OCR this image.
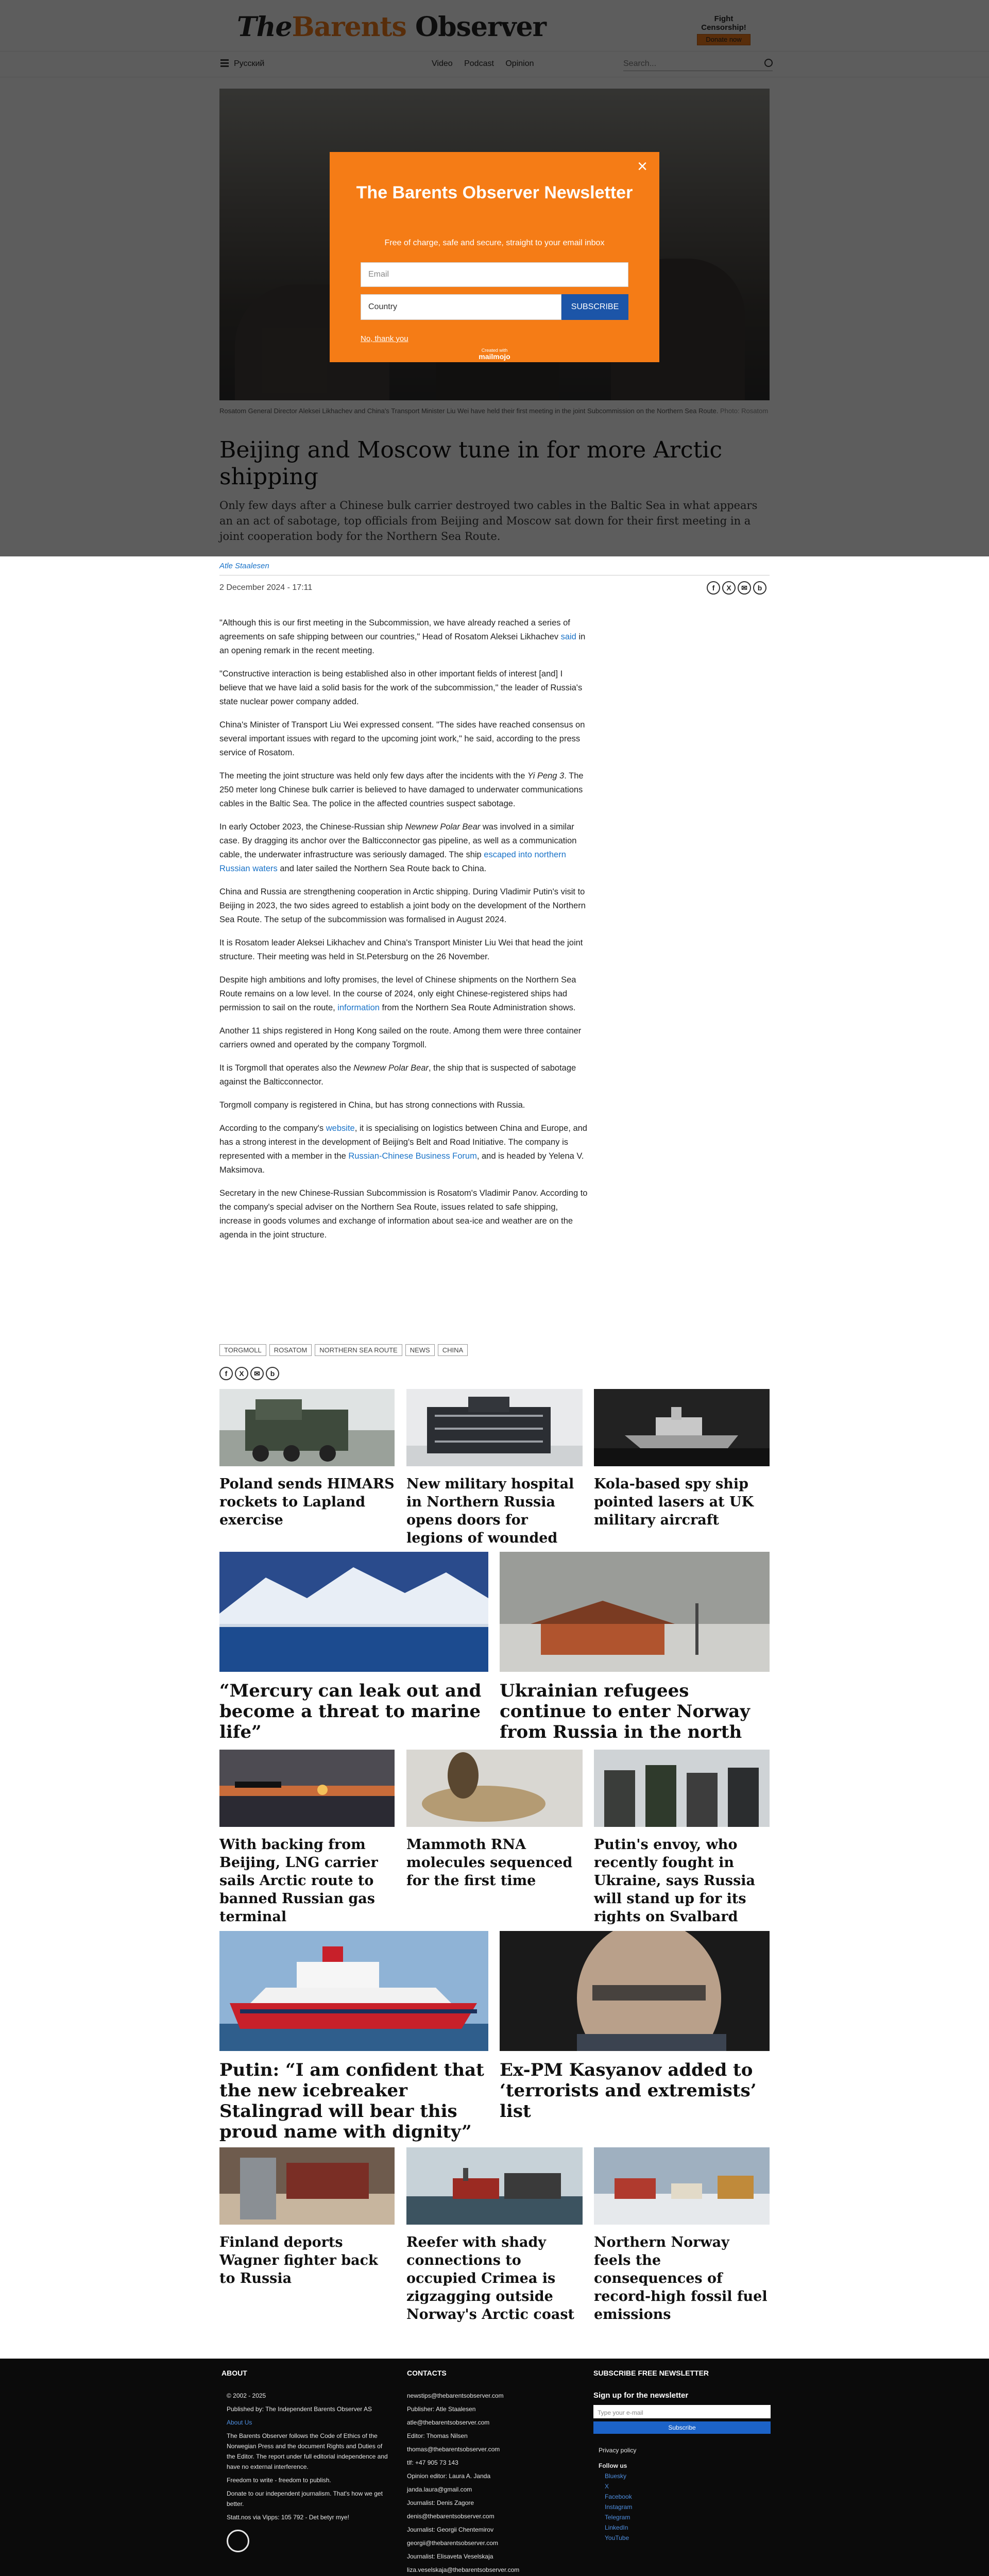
×
The Barents Observer Newsletter
Free of charge, safe and secure, straight to your email inbox
Email
Country	SUBSCRIBE
No, thank you
Created with
mailmojo
Atle Staalesen
2 December 2024 - 17:11	f X ✉ b

"Although this is our first meeting in the Subcommission, we have already reached a series of agreements on safe shipping between our countries," Head of Rosatom Aleksei Likhachev said in an opening remark in the recent meeting.

"Constructive interaction is being established also in other important fields of interest [and] I believe that we have laid a solid basis for the work of the subcommission," the leader of Russia's state nuclear power company added.

China's Minister of Transport Liu Wei expressed consent. "The sides have reached consensus on several important issues with regard to the upcoming joint work," he said, according to the press service of Rosatom.

The meeting the joint structure was held only few days after the incidents with the Yi Peng 3. The 250 meter long Chinese bulk carrier is believed to have damaged to underwater communications cables in the Baltic Sea. The police in the affected countries suspect sabotage.

In early October 2023, the Chinese-Russian ship Newnew Polar Bear was involved in a similar case. By dragging its anchor over the Balticconnector gas pipeline, as well as a communication cable, the underwater infrastructure was seriously damaged. The ship escaped into northern Russian waters and later sailed the Northern Sea Route back to China.

China and Russia are strengthening cooperation in Arctic shipping. During Vladimir Putin's visit to Beijing in 2023, the two sides agreed to establish a joint body on the development of the Northern Sea Route. The setup of the subcommission was formalised in August 2024.

It is Rosatom leader Aleksei Likhachev and China's Transport Minister Liu Wei that head the joint structure. Their meeting was held in St.Petersburg on the 26 November.

Despite high ambitions and lofty promises, the level of Chinese shipments on the Northern Sea Route remains on a low level. In the course of 2024, only eight Chinese-registered ships had permission to sail on the route, information from the Northern Sea Route Administration shows.

Another 11 ships registered in Hong Kong sailed on the route. Among them were three container carriers owned and operated by the company Torgmoll.

It is Torgmoll that operates also the Newnew Polar Bear, the ship that is suspected of sabotage against the Balticconnector.

Torgmoll company is registered in China, but has strong connections with Russia.

According to the company's website, it is specialising on logistics between China and Europe, and has a strong interest in the development of Beijing's Belt and Road Initiative. The company is represented with a member in the Russian-Chinese Business Forum, and is headed by Yelena V. Maksimova.

Secretary in the new Chinese-Russian Subcommission is Rosatom's Vladimir Panov. According to the company's special adviser on the Northern Sea Route, issues related to safe shipping, increase in goods volumes and exchange of information about sea-ice and weather are on the agenda in the joint structure.

TORGMOLL ROSATOM NORTHERN SEA ROUTE NEWS CHINA
f X ✉ b
Poland sends HIMARS rockets to Lapland exercise
New military hospital in Northern Russia opens doors for legions of wounded
Kola-based spy ship pointed lasers at UK military aircraft
“Mercury can leak out and become a threat to marine life”
Ukrainian refugees continue to enter Norway from Russia in the north
With backing from Beijing, LNG carrier sails Arctic route to banned Russian gas terminal
Mammoth RNA molecules sequenced for the first time
Putin's envoy, who recently fought in Ukraine, says Russia will stand up for its rights on Svalbard
Putin: “I am confident that the new icebreaker Stalingrad will bear this proud name with dignity”
Ex-PM Kasyanov added to ‘terrorists and extremists’ list
Finland deports Wagner fighter back to Russia
Reefer with shady connections to occupied Crimea is zigzagging outside Norway's Arctic coast
Northern Norway feels the consequences of record-high fossil fuel emissions
ABOUT

© 2002 - 2025

Published by: The Independent Barents Observer AS

About Us

The Barents Observer follows the Code of Ethics of the Norwegian Press and the document Rights and Duties of the Editor. The report under full editorial independence and have no external interference.

Freedom to write - freedom to publish.

Donate to our independent journalism. That's how we get better.

Statt.nos via Vipps: 105 792 - Det betyr mye!

CONTACTS

newstips@thebarentsobserver.com

Publisher: Atle Staalesen

atle@thebarentsobserver.com

Editor: Thomas Nilsen

thomas@thebarentsobserver.com

tlf: +47 905 73 143

Opinion editor: Laura A. Janda

janda.laura@gmail.com

Journalist: Denis Zagore

denis@thebarentsobserver.com

Journalist: Georgii Chentemirov

georgii@thebarentsobserver.com

Journalist: Elisaveta Veselskaja

liza.veselskaja@thebarentsobserver.com

SUBSCRIBE FREE NEWSLETTER
Sign up for the newsletter
Type your e-mail
Subscribe
Privacy policy
Follow us
Bluesky
X
Facebook
Instagram
Telegram
LinkedIn
YouTube
